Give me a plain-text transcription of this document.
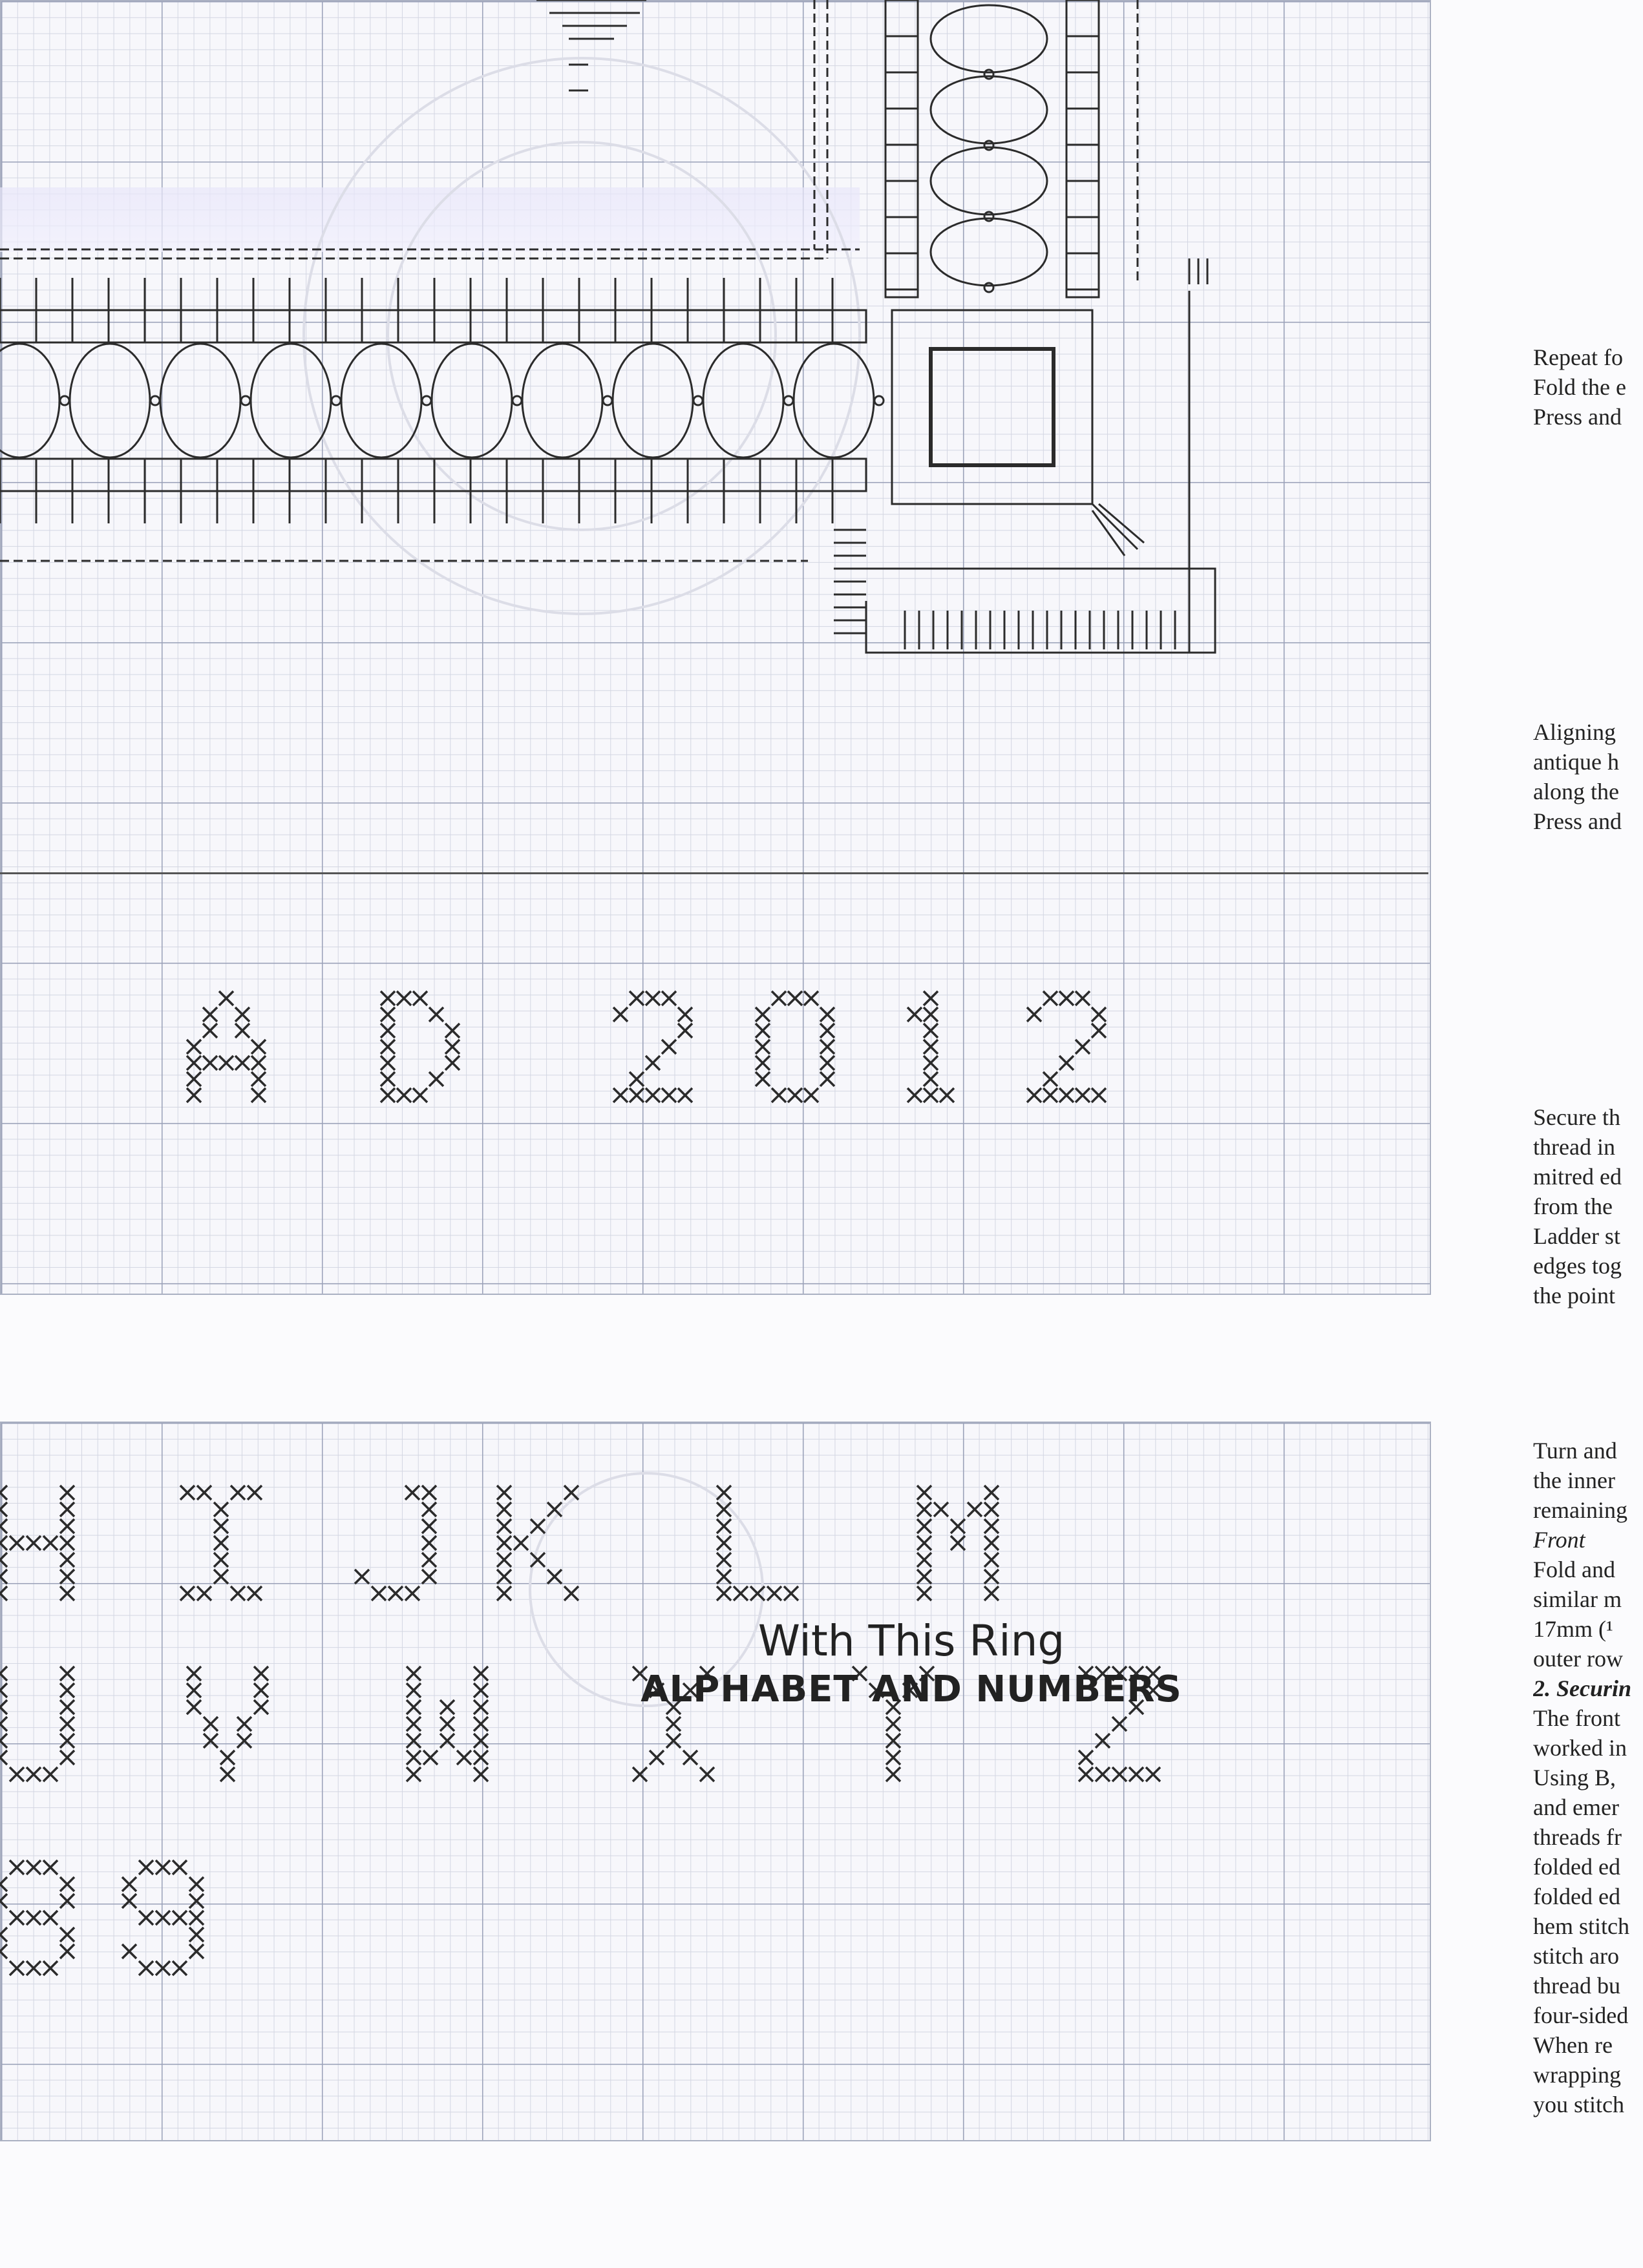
Repeat fo
Fold the e
Press and
Aligning
antique h
along the
Press and
Secure th
thread in
mitred ed
from the
Ladder st
edges tog
the point
Turn and
the inner
remaining
Front
Fold and
similar m
17mm (¹
outer row
2. Securin
The front
worked in
Using B,
and emer
threads fr
folded ed
folded ed
hem stitch
stitch aro
thread bu
four-sided
When re
wrapping
you stitch
With This Ring
ALPHABET AND NUMBERS
